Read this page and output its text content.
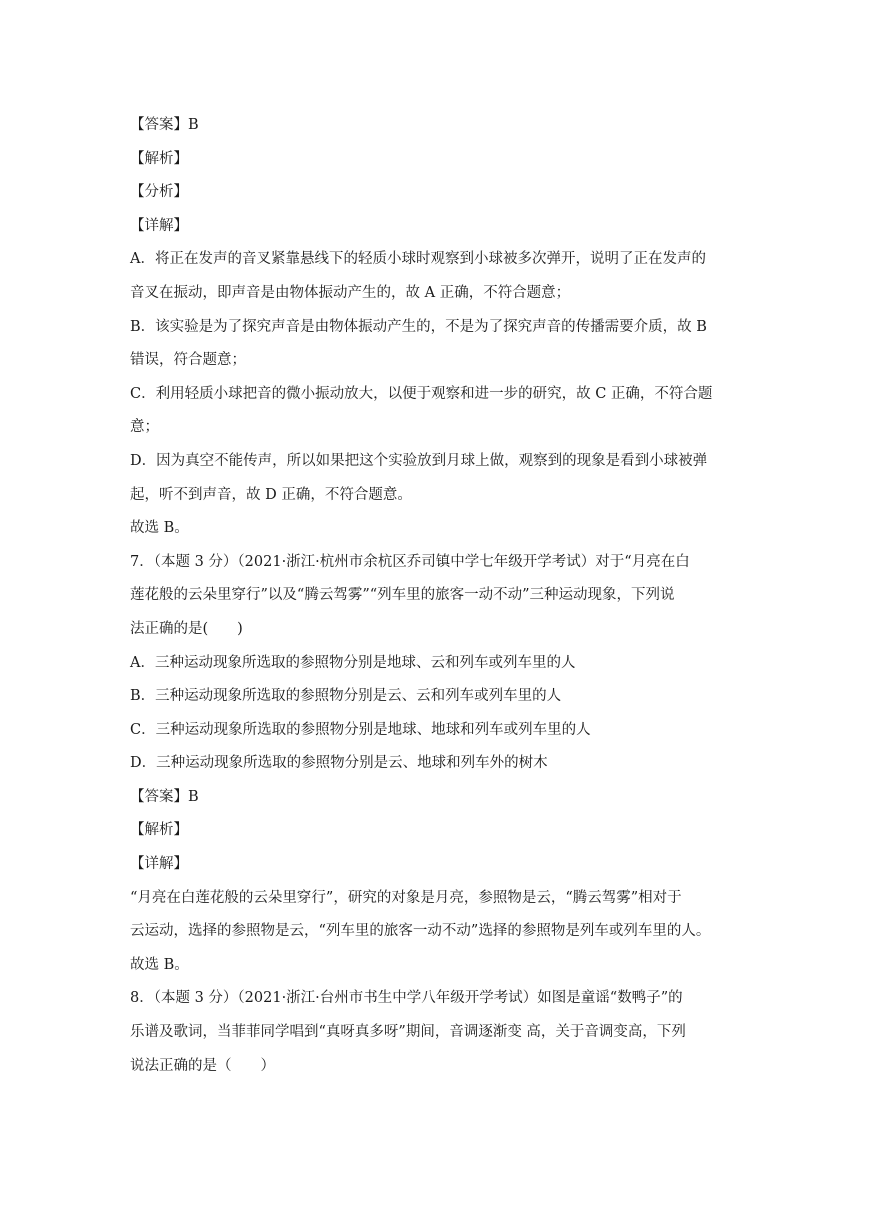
【答案】B
【解析】
【分析】
【详解】
A．将正在发声的音叉紧靠悬线下的轻质小球时观察到小球被多次弹开，说明了正在发声的
音叉在振动，即声音是由物体振动产生的，故 A 正确，不符合题意；
B．该实验是为了探究声音是由物体振动产生的，不是为了探究声音的传播需要介质，故 B
错误，符合题意；
C．利用轻质小球把音的微小振动放大，以便于观察和进一步的研究，故 C 正确，不符合题
意；
D．因为真空不能传声，所以如果把这个实验放到月球上做，观察到的现象是看到小球被弹
起，听不到声音，故 D 正确，不符合题意。
故选 B。
7．（本题 3 分）（2021·浙江·杭州市余杭区乔司镇中学七年级开学考试）对于“月亮在白
莲花般的云朵里穿行”以及“腾云驾雾”“列车里的旅客一动不动”三种运动现象，下列说
法正确的是(　　)
A．三种运动现象所选取的参照物分别是地球、云和列车或列车里的人
B．三种运动现象所选取的参照物分别是云、云和列车或列车里的人
C．三种运动现象所选取的参照物分别是地球、地球和列车或列车里的人
D．三种运动现象所选取的参照物分别是云、地球和列车外的树木
【答案】B
【解析】
【详解】
“月亮在白莲花般的云朵里穿行”，研究的对象是月亮，参照物是云，“腾云驾雾”相对于
云运动，选择的参照物是云，“列车里的旅客一动不动”选择的参照物是列车或列车里的人。
故选 B。
8．（本题 3 分）（2021·浙江·台州市书生中学八年级开学考试）如图是童谣“数鸭子”的
乐谱及歌词，当菲菲同学唱到“真呀真多呀”期间，音调逐渐变 高，关于音调变高，下列
说法正确的是（　　）
